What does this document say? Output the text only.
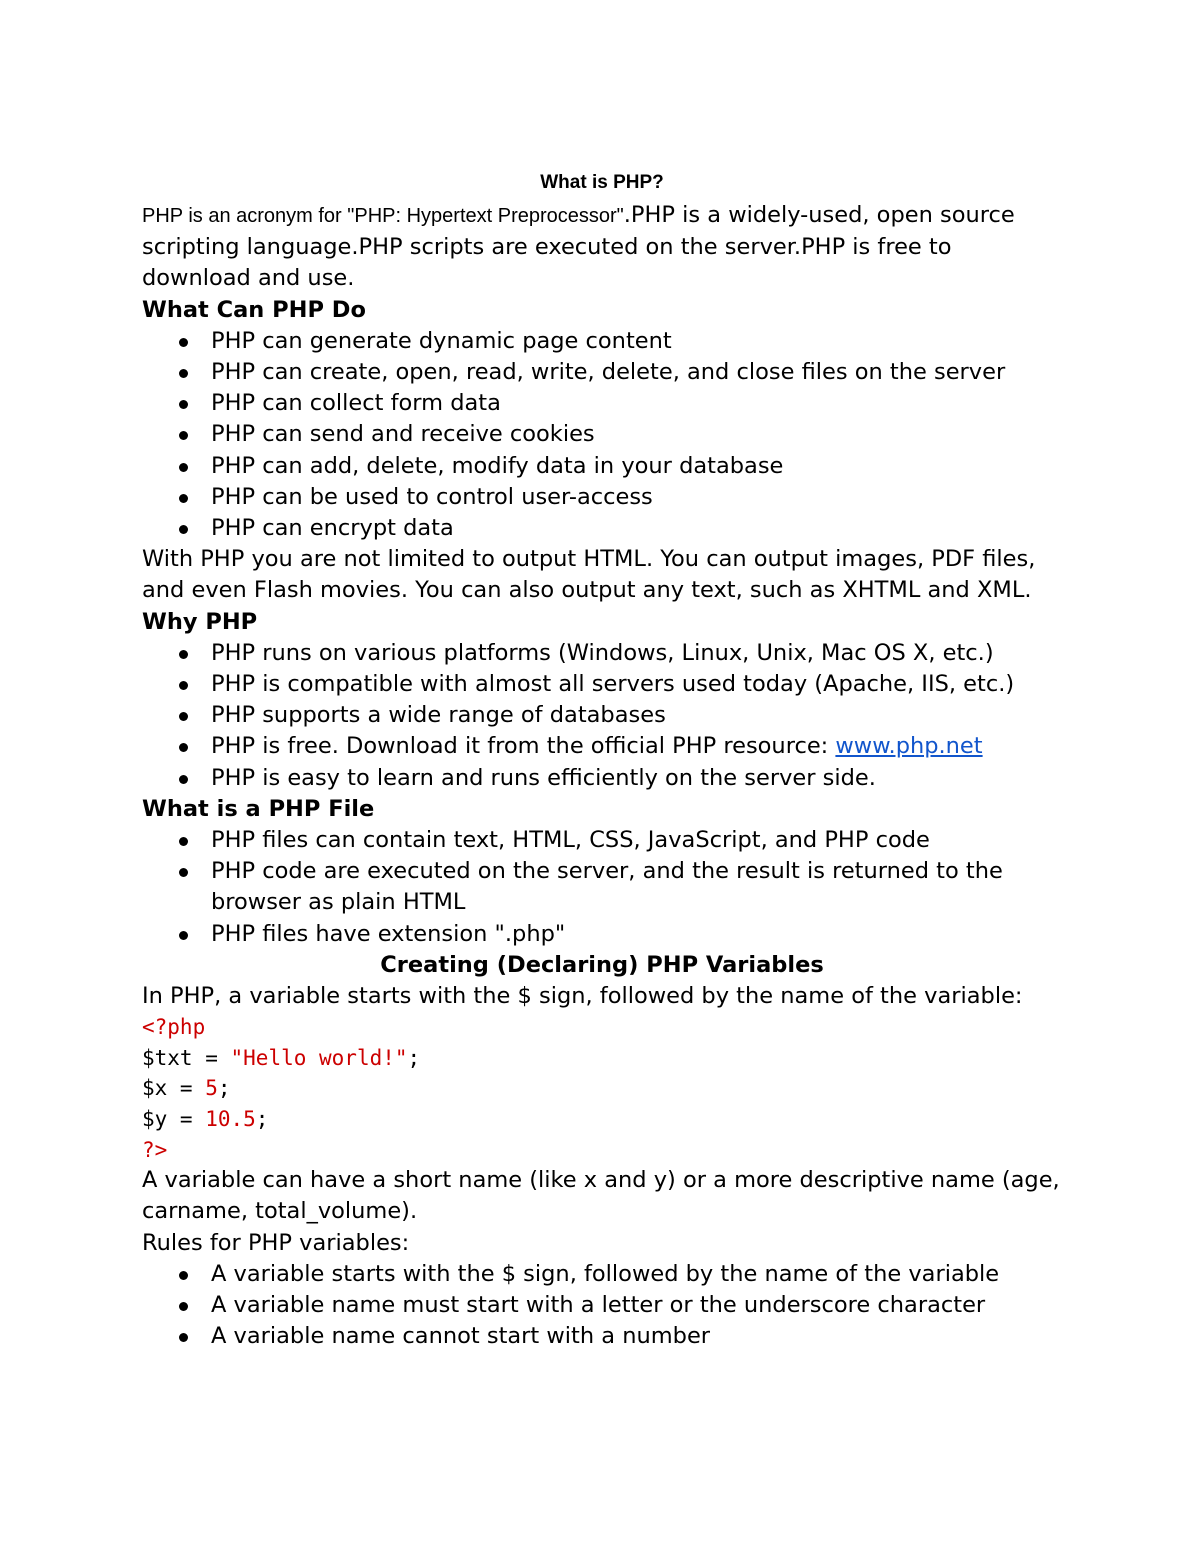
What is PHP?

PHP is an acronym for "PHP: Hypertext Preprocessor".PHP is a widely-used, open source scripting language.PHP scripts are executed on the server.PHP is free to download and use.

What Can PHP Do
PHP can generate dynamic page content
PHP can create, open, read, write, delete, and close files on the server
PHP can collect form data
PHP can send and receive cookies
PHP can add, delete, modify data in your database
PHP can be used to control user-access
PHP can encrypt data

With PHP you are not limited to output HTML. You can output images, PDF files, and even Flash movies. You can also output any text, such as XHTML and XML.

Why PHP
PHP runs on various platforms (Windows, Linux, Unix, Mac OS X, etc.)
PHP is compatible with almost all servers used today (Apache, IIS, etc.)
PHP supports a wide range of databases
PHP is free. Download it from the official PHP resource: www.php.net
PHP is easy to learn and runs efficiently on the server side.
What is a PHP File
PHP files can contain text, HTML, CSS, JavaScript, and PHP code
PHP code are executed on the server, and the result is returned to the browser as plain HTML
PHP files have extension ".php"
Creating (Declaring) PHP Variables

In PHP, a variable starts with the $ sign, followed by the name of the variable:

<?php
$txt = "Hello world!";
$x = 5;
$y = 10.5;
?>

A variable can have a short name (like x and y) or a more descriptive name (age, carname, total_volume).

Rules for PHP variables:

A variable starts with the $ sign, followed by the name of the variable
A variable name must start with a letter or the underscore character
A variable name cannot start with a number
